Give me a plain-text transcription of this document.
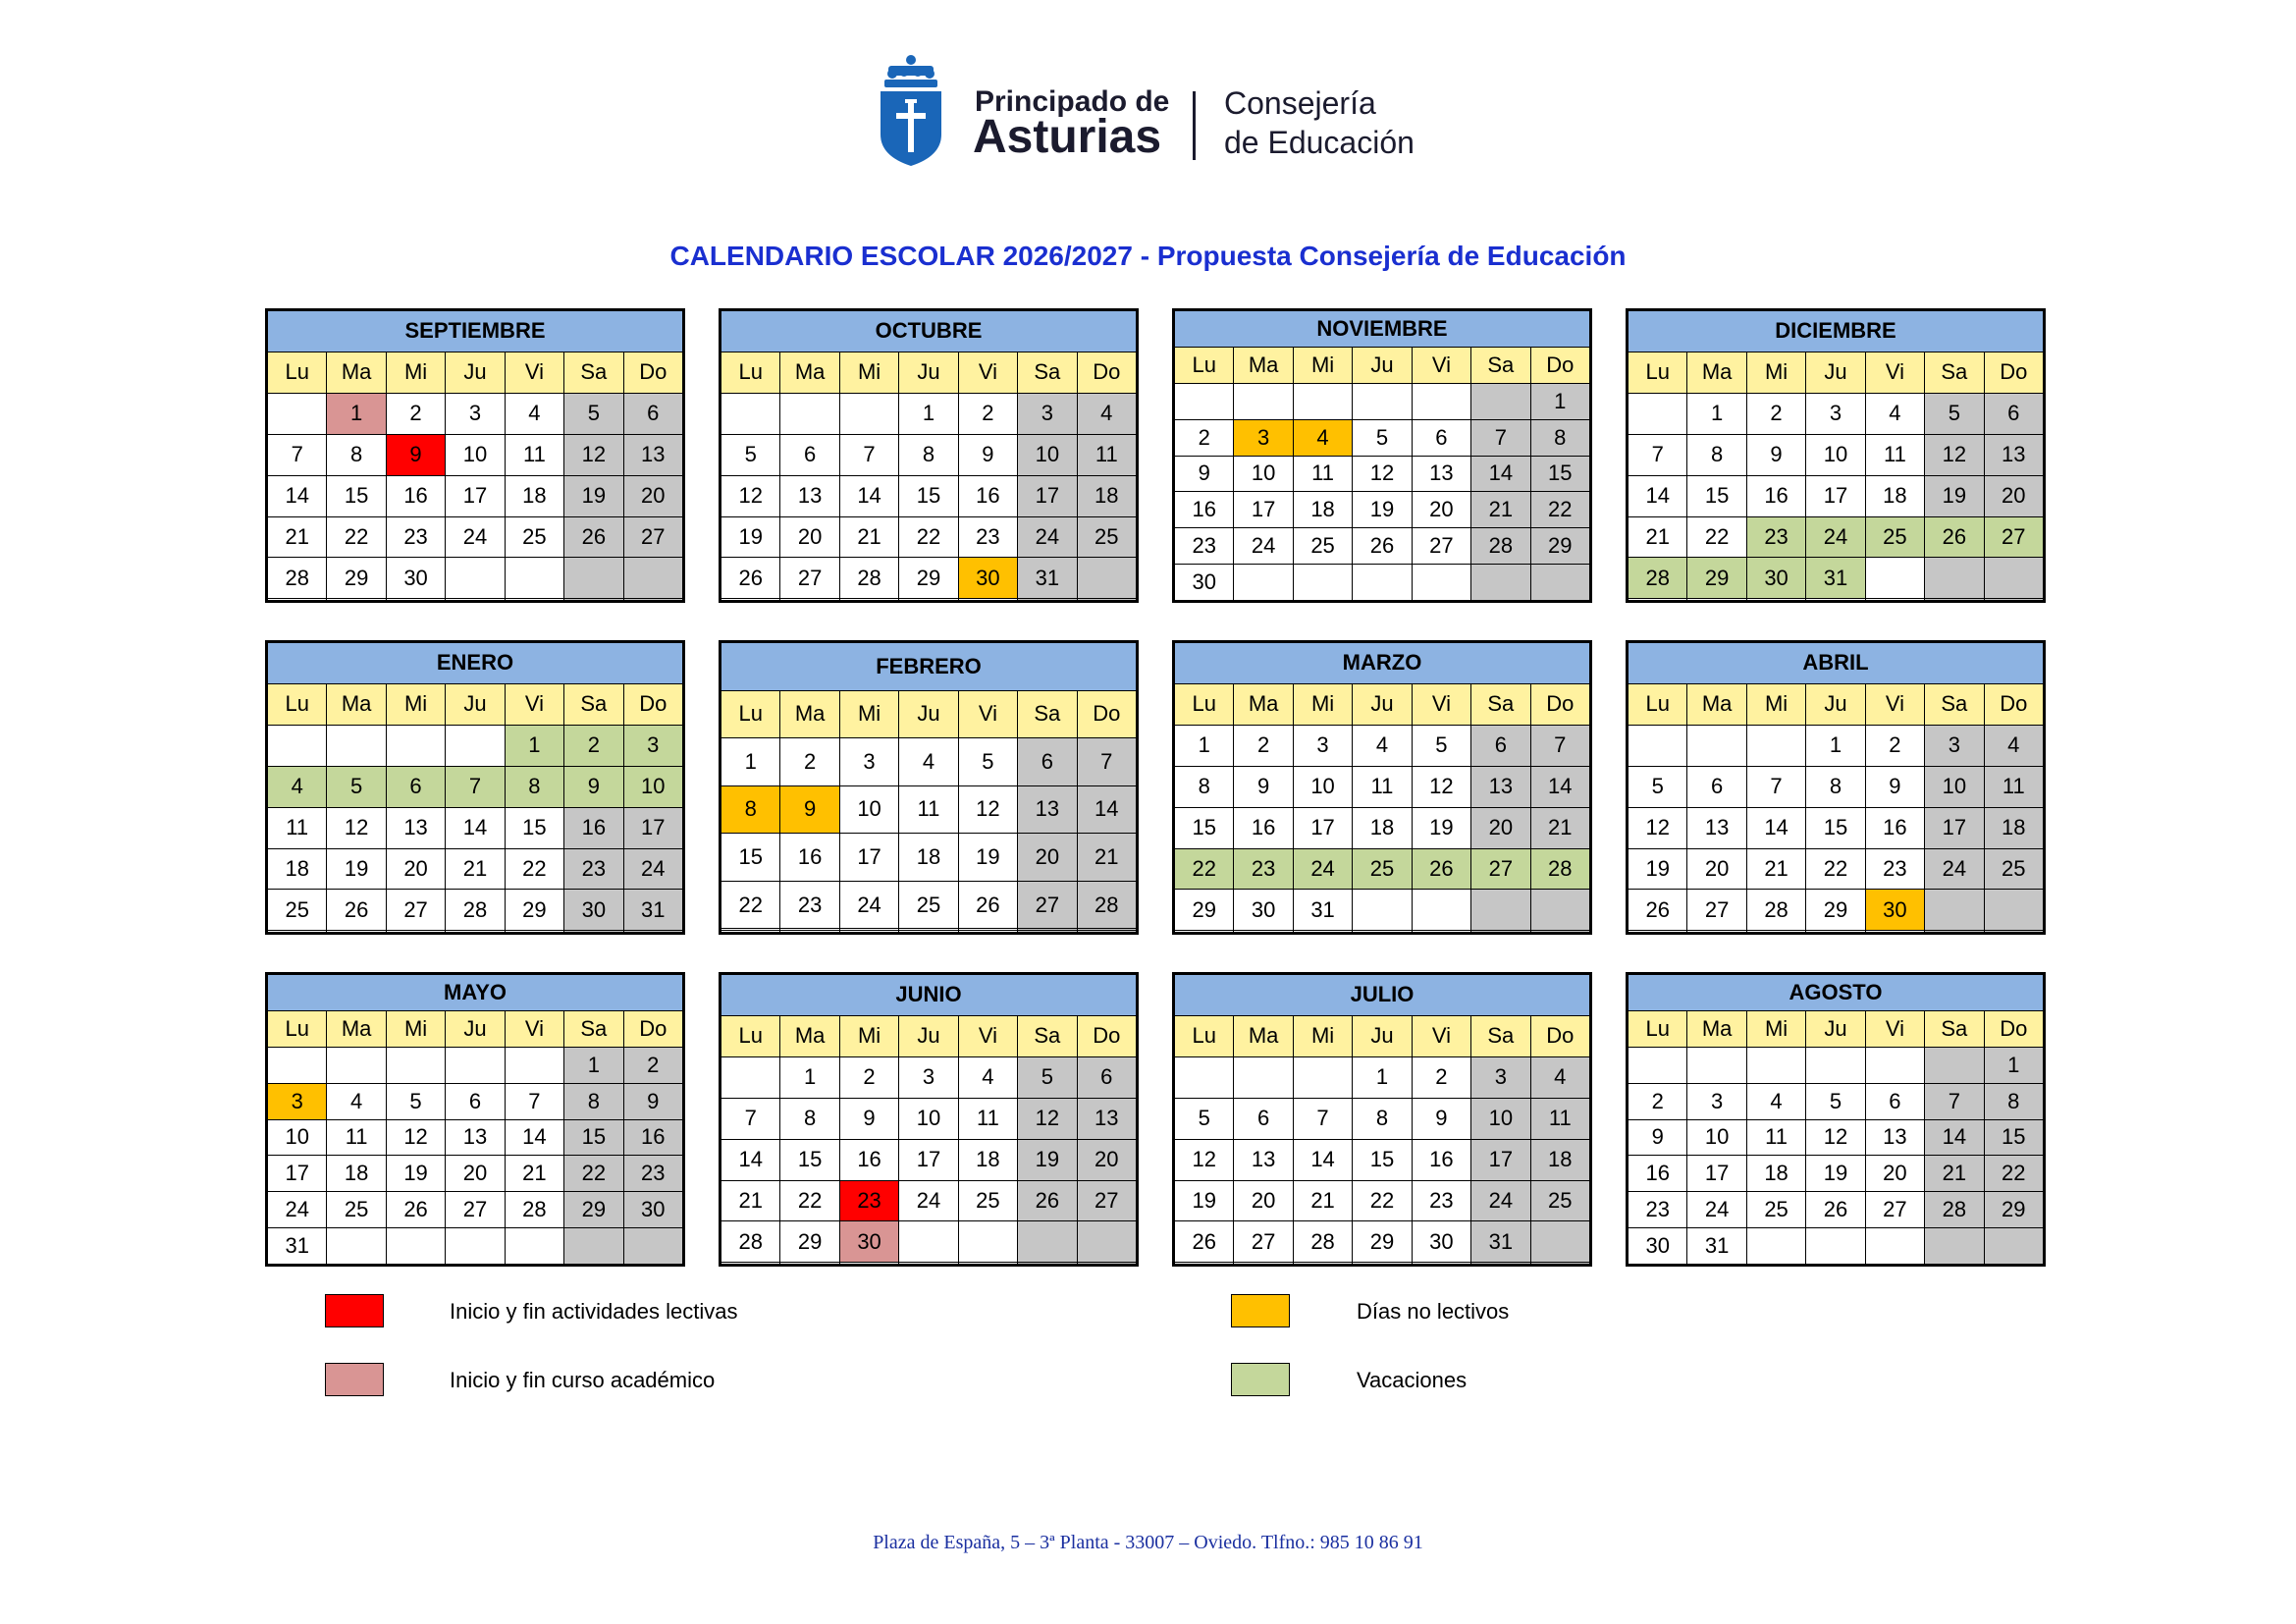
Principado de
Asturias
Consejería
de Educación
CALENDARIO ESCOLAR 2026/2027 - Propuesta Consejería de Educación
SEPTIEMBRE						
Lu	Ma	Mi	Ju	Vi	Sa	Do
	1	2	3	4	5	6
7	8	9	10	11	12	13
14	15	16	17	18	19	20
21	22	23	24	25	26	27
28	29	30				

OCTUBRE						
Lu	Ma	Mi	Ju	Vi	Sa	Do
			1	2	3	4
5	6	7	8	9	10	11
12	13	14	15	16	17	18
19	20	21	22	23	24	25
26	27	28	29	30	31	

NOVIEMBRE						
Lu	Ma	Mi	Ju	Vi	Sa	Do
						1
2	3	4	5	6	7	8
9	10	11	12	13	14	15
16	17	18	19	20	21	22
23	24	25	26	27	28	29
30						
DICIEMBRE						
Lu	Ma	Mi	Ju	Vi	Sa	Do
	1	2	3	4	5	6
7	8	9	10	11	12	13
14	15	16	17	18	19	20
21	22	23	24	25	26	27
28	29	30	31			

ENERO						
Lu	Ma	Mi	Ju	Vi	Sa	Do
				1	2	3
4	5	6	7	8	9	10
11	12	13	14	15	16	17
18	19	20	21	22	23	24
25	26	27	28	29	30	31

FEBRERO						
Lu	Ma	Mi	Ju	Vi	Sa	Do
1	2	3	4	5	6	7
8	9	10	11	12	13	14
15	16	17	18	19	20	21
22	23	24	25	26	27	28

MARZO						
Lu	Ma	Mi	Ju	Vi	Sa	Do
1	2	3	4	5	6	7
8	9	10	11	12	13	14
15	16	17	18	19	20	21
22	23	24	25	26	27	28
29	30	31				

ABRIL						
Lu	Ma	Mi	Ju	Vi	Sa	Do
			1	2	3	4
5	6	7	8	9	10	11
12	13	14	15	16	17	18
19	20	21	22	23	24	25
26	27	28	29	30		

MAYO						
Lu	Ma	Mi	Ju	Vi	Sa	Do
					1	2
3	4	5	6	7	8	9
10	11	12	13	14	15	16
17	18	19	20	21	22	23
24	25	26	27	28	29	30
31						
JUNIO						
Lu	Ma	Mi	Ju	Vi	Sa	Do
	1	2	3	4	5	6
7	8	9	10	11	12	13
14	15	16	17	18	19	20
21	22	23	24	25	26	27
28	29	30				

JULIO						
Lu	Ma	Mi	Ju	Vi	Sa	Do
			1	2	3	4
5	6	7	8	9	10	11
12	13	14	15	16	17	18
19	20	21	22	23	24	25
26	27	28	29	30	31	

AGOSTO						
Lu	Ma	Mi	Ju	Vi	Sa	Do
						1
2	3	4	5	6	7	8
9	10	11	12	13	14	15
16	17	18	19	20	21	22
23	24	25	26	27	28	29
30	31					
Inicio y fin actividades lectivas
Inicio y fin curso académico
Días no lectivos
Vacaciones
Plaza de España, 5 – 3ª Planta - 33007 – Oviedo. Tlfno.: 985 10 86 91
